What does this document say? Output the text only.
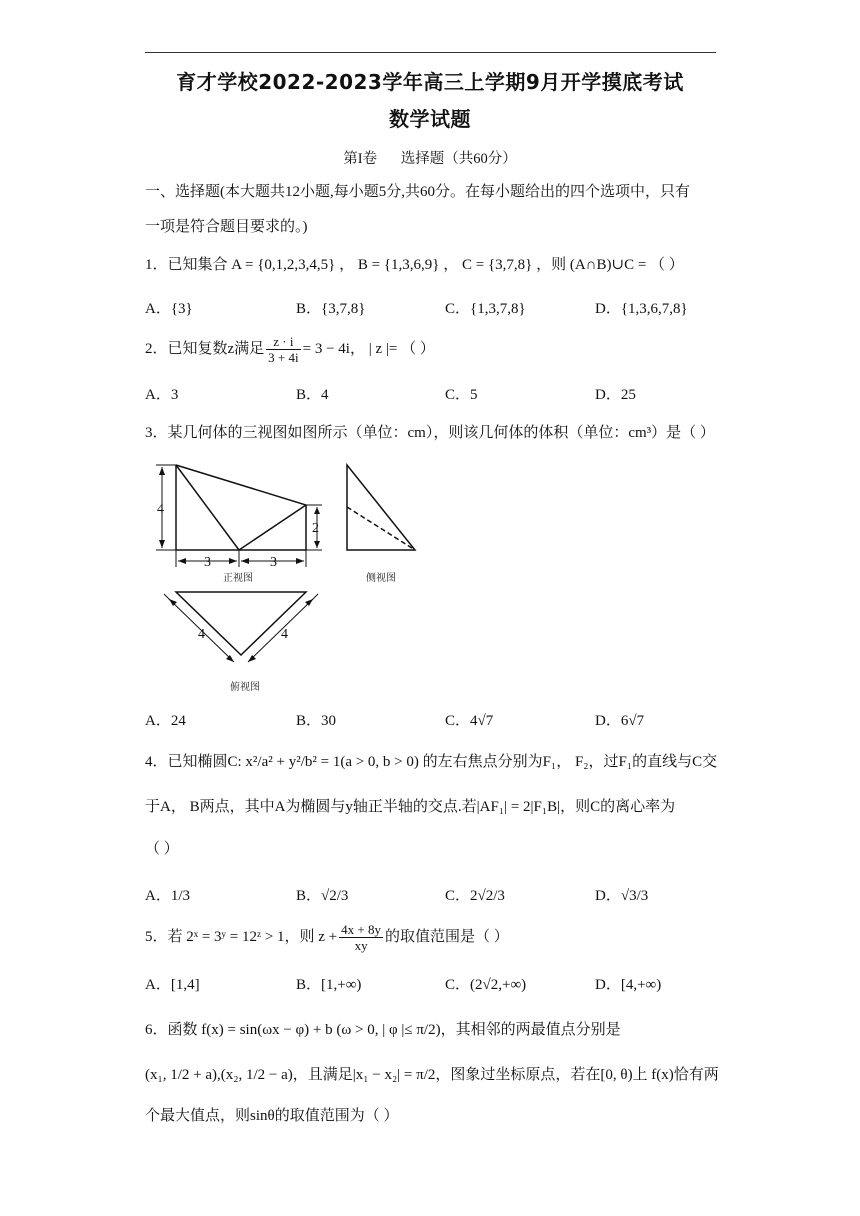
育才学校2022-2023学年高三上学期9月开学摸底考试
数学试题
第I卷 选择题（共60分）
一、选择题(本大题共12小题,每小题5分,共60分。在每小题给出的四个选项中，只有
一项是符合题目要求的。)
1．已知集合 A = {0,1,2,3,4,5} ， B = {1,3,6,9} ， C = {3,7,8} ，则 (A∩B)∪C = （ ）
A．{3}	B．{3,7,8}	C．{1,3,7,8}	D．{1,3,6,7,8}
2．已知复数z满足 $\frac{z \cdot i}{3 + 4i} = 3 - 4i$， | z |= （ ）
A．3	B．4	C．5	D．25
3．某几何体的三视图如图所示（单位：cm），则该几何体的体积（单位：cm³）是（ ）
4
2
3	3
4	4
正视图	侧视图
俯视图
A．24	B．30	C．4√7	D．6√7
4．已知椭圆C: x²/a² + y²/b² = 1(a > 0, b > 0) 的左右焦点分别为F₁， F₂，过F₁的直线与C交
于A， B两点，其中A为椭圆与y轴正半轴的交点.若|AF₁| = 2|F₁B|，则C的离心率为
（ ）
A．1/3	B．√2/3	C．2√2/3	D．√3/3
5．若 2ˣ = 3ʸ = 12ᶻ > 1，则 $z + \frac{4x + 8y}{xy}$ 的取值范围是（ ）
A．[1,4]	B．[1,+∞)	C．(2√2,+∞)	D．[4,+∞)
6．函数 f(x) = sin(ωx − φ) + b (ω > 0, | φ |≤ π/2)，其相邻的两最值点分别是
(x₁, 1/2 + a),(x₂, 1/2 − a)，且满足|x₁ − x₂| = π/2，图象过坐标原点，若在[0, θ)上 f(x)恰有两
个最大值点，则sinθ的取值范围为（ ）
